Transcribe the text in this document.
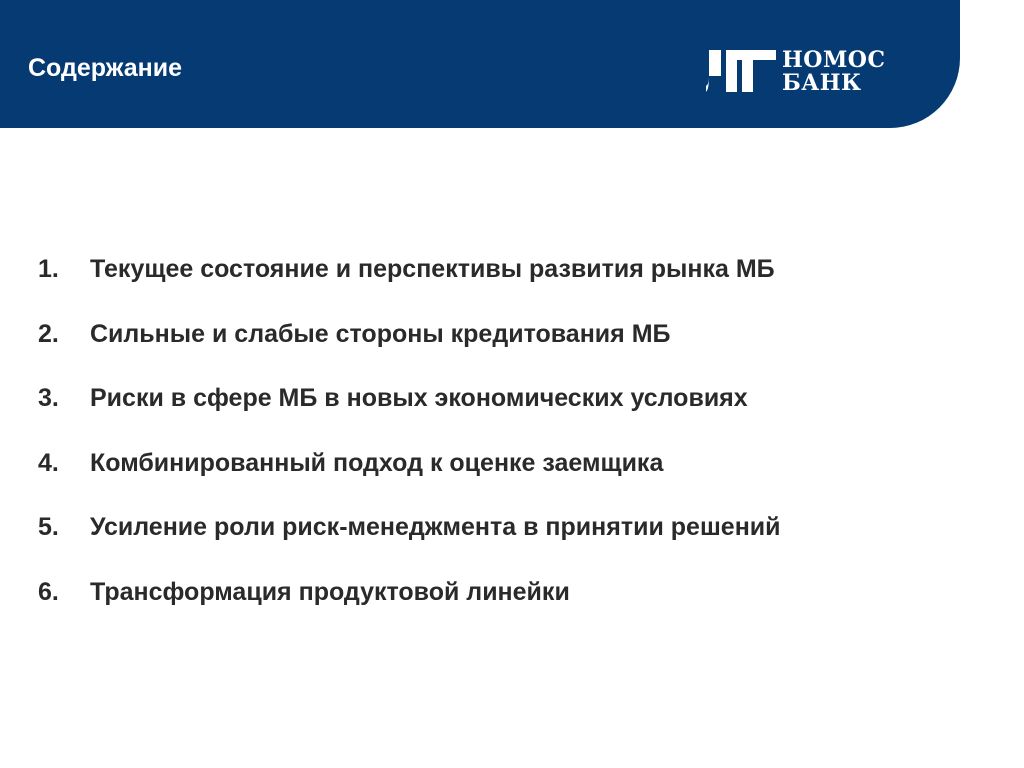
Содержание	НОМОС
БАНК
1. Текущее состояние и перспективы развития рынка МБ
2. Сильные и слабые стороны кредитования МБ
3. Риски в сфере МБ в новых экономических условиях
4. Комбинированный подход к оценке заемщика
5. Усиление роли риск-менеджмента в принятии решений
6. Трансформация продуктовой линейки
